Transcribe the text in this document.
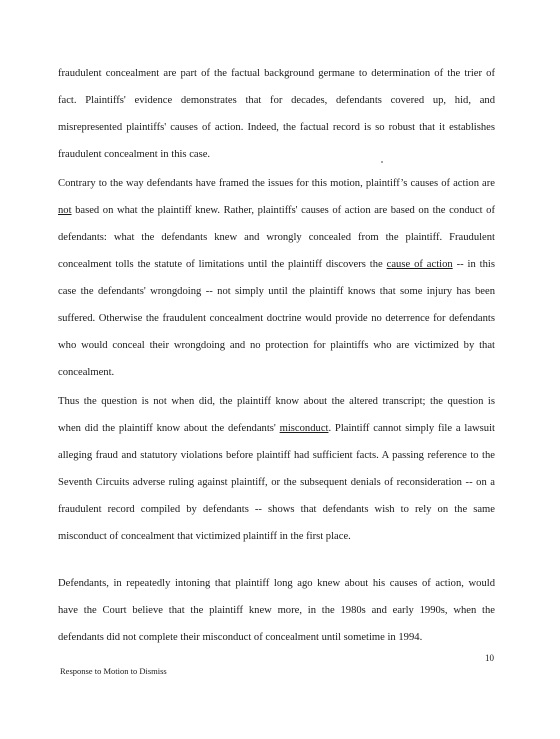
fraudulent concealment are part of the factual background germane to determination of the trier of
fact. Plaintiffs' evidence demonstrates that for decades, defendants covered up, hid, and
misrepresented plaintiffs' causes of action. Indeed, the factual record is so robust that it establishes
fraudulent concealment in this case.
Contrary to the way defendants have framed the issues for this motion, plaintiff’s causes of action are
not based on what the plaintiff knew. Rather, plaintiffs' causes of action are based on the conduct of
defendants: what the defendants knew and wrongly concealed from the plaintiff. Fraudulent
concealment tolls the statute of limitations until the plaintiff discovers the cause of action -- in this
case the defendants' wrongdoing -- not simply until the plaintiff knows that some injury has been
suffered. Otherwise the fraudulent concealment doctrine would provide no deterrence for defendants
who would conceal their wrongdoing and no protection for plaintiffs who are victimized by that
concealment.
Thus the question is not when did, the plaintiff know about the altered transcript; the question is
when did the plaintiff know about the defendants' misconduct. Plaintiff cannot simply file a lawsuit
alleging fraud and statutory violations before plaintiff had sufficient facts. A passing reference to the
Seventh Circuits adverse ruling against plaintiff, or the subsequent denials of reconsideration -- on a
fraudulent record compiled by defendants -- shows that defendants wish to rely on the same
misconduct of concealment that victimized plaintiff in the first place.
Defendants, in repeatedly intoning that plaintiff long ago knew about his causes of action, would
have the Court believe that the plaintiff knew more, in the 1980s and early 1990s, when the
defendants did not complete their misconduct of concealment until sometime in 1994.
10
Response to Motion to Dismiss
